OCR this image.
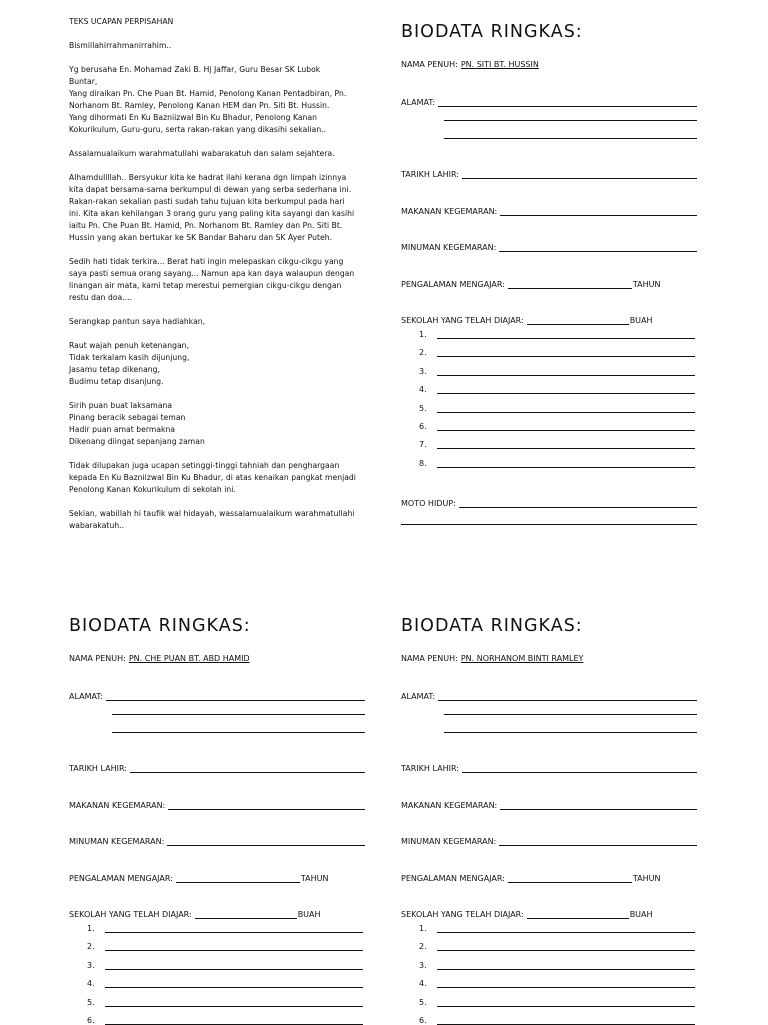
TEKS UCAPAN PERPISAHAN
Bismillahirrahmanirrahim..
Yg berusaha En. Mohamad Zaki B. Hj Jaffar, Guru Besar SK Lubok
Buntar,
Yang diraikan Pn. Che Puan Bt. Hamid, Penolong Kanan Pentadbiran, Pn.
Norhanom Bt. Ramley, Penolong Kanan HEM dan Pn. Siti Bt. Hussin.
Yang dihormati En Ku Bazniizwal Bin Ku Bhadur, Penolong Kanan
Kokurikulum, Guru-guru, serta rakan-rakan yang dikasihi sekalian..
Assalamualaikum warahmatullahi wabarakatuh dan salam sejahtera.
Alhamdulillah.. Bersyukur kita ke hadrat ilahi kerana dgn limpah izinnya
kita dapat bersama-sama berkumpul di dewan yang serba sederhana ini.
Rakan-rakan sekalian pasti sudah tahu tujuan kita berkumpul pada hari
ini. Kita akan kehilangan 3 orang guru yang paling kita sayangi dan kasihi
iaitu Pn. Che Puan Bt. Hamid, Pn. Norhanom Bt. Ramley dan Pn. Siti Bt.
Hussin yang akan bertukar ke SK Bandar Baharu dan SK Ayer Puteh.
Sedih hati tidak terkira... Berat hati ingin melepaskan cikgu-cikgu yang
saya pasti semua orang sayang... Namun apa kan daya walaupun dengan
linangan air mata, kami tetap merestui pemergian cikgu-cikgu dengan
restu dan doa....
Serangkap pantun saya hadiahkan,
Raut wajah penuh ketenangan,
Tidak terkalam kasih dijunjung,
Jasamu tetap dikenang,
Budimu tetap disanjung.
Sirih puan buat laksamana
Pinang beracik sebagai teman
Hadir puan amat bermakna
Dikenang diingat sepanjang zaman
Tidak dilupakan juga ucapan setinggi-tinggi tahniah dan penghargaan
kepada En Ku Bazniizwal Bin Ku Bhadur, di atas kenaikan pangkat menjadi
Penolong Kanan Kokurikulum di sekolah ini.
Sekian, wabillah hi taufik wal hidayah, wassalamualaikum warahmatullahi
wabarakatuh..
BIODATA RINGKAS:
NAMA PENUH: PN. SITI BT. HUSSIN
ALAMAT:
TARIKH LAHIR:
MAKANAN KEGEMARAN:
MINUMAN KEGEMARAN:
PENGALAMAN MENGAJAR:	TAHUN
SEKOLAH YANG TELAH DIAJAR:	BUAH
1.
2.
3.
4.
5.
6.
7.
8.
MOTO HIDUP:
BIODATA RINGKAS:
NAMA PENUH: PN. CHE PUAN BT. ABD HAMID
ALAMAT:
TARIKH LAHIR:
MAKANAN KEGEMARAN:
MINUMAN KEGEMARAN:
PENGALAMAN MENGAJAR:	TAHUN
SEKOLAH YANG TELAH DIAJAR:	BUAH
1.
2.
3.
4.
5.
6.
BIODATA RINGKAS:
NAMA PENUH: PN. NORHANOM BINTI RAMLEY
ALAMAT:
TARIKH LAHIR:
MAKANAN KEGEMARAN:
MINUMAN KEGEMARAN:
PENGALAMAN MENGAJAR:	TAHUN
SEKOLAH YANG TELAH DIAJAR:	BUAH
1.
2.
3.
4.
5.
6.
